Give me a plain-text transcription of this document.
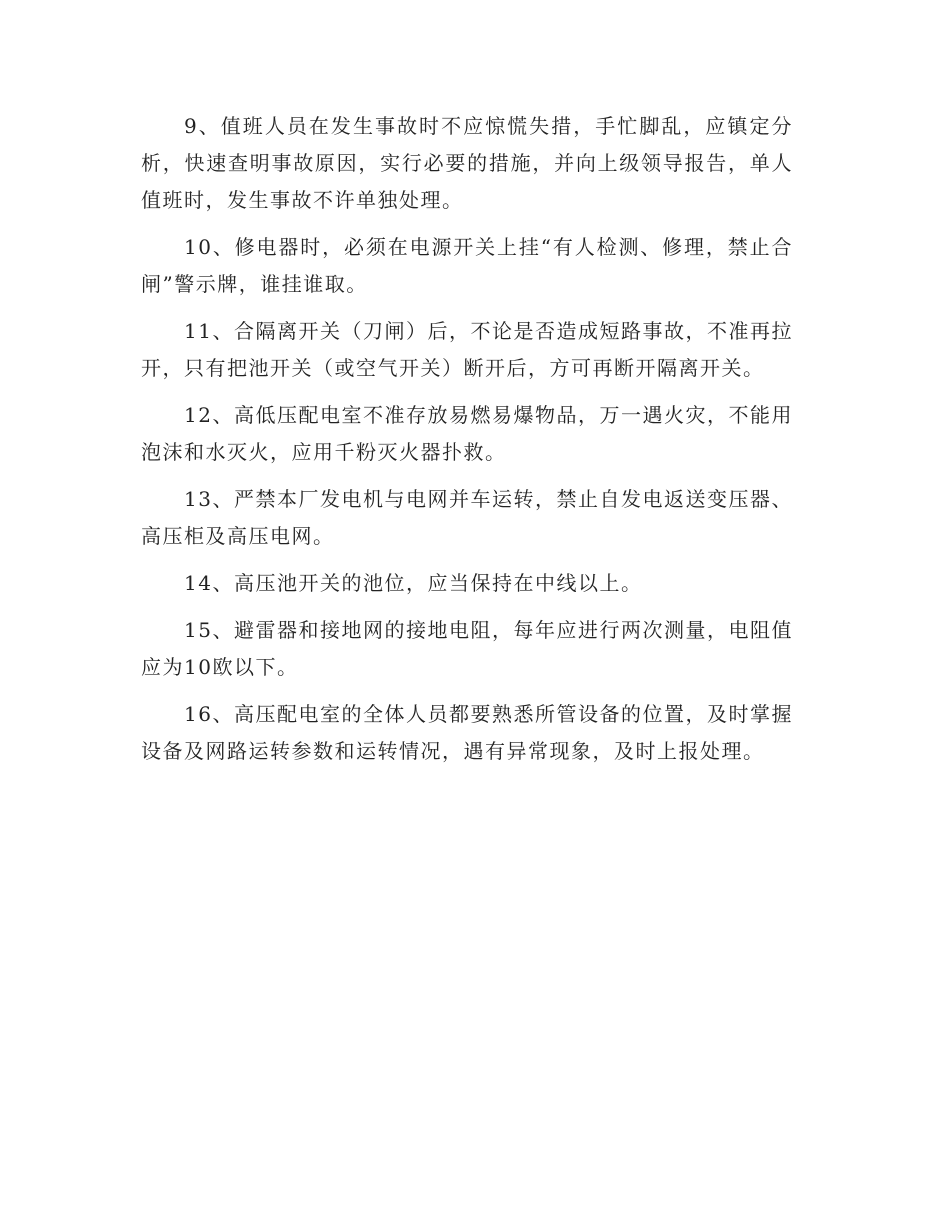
9、值班人员在发生事故时不应惊慌失措，手忙脚乱，应镇定分析，快速查明事故原因，实行必要的措施，并向上级领导报告，单人值班时，发生事故不许单独处理。

10、修电器时，必须在电源开关上挂“有人检测、修理，禁止合闸”警示牌，谁挂谁取。

11、合隔离开关（刀闸）后，不论是否造成短路事故，不准再拉开，只有把池开关（或空气开关）断开后，方可再断开隔离开关。

12、高低压配电室不准存放易燃易爆物品，万一遇火灾，不能用泡沫和水灭火，应用千粉灭火器扑救。

13、严禁本厂发电机与电网并车运转，禁止自发电返送变压器、高压柜及高压电网。

14、高压池开关的池位，应当保持在中线以上。

15、避雷器和接地网的接地电阻，每年应进行两次测量，电阻值应为10欧以下。

16、高压配电室的全体人员都要熟悉所管设备的位置，及时掌握设备及网路运转参数和运转情况，遇有异常现象，及时上报处理。
